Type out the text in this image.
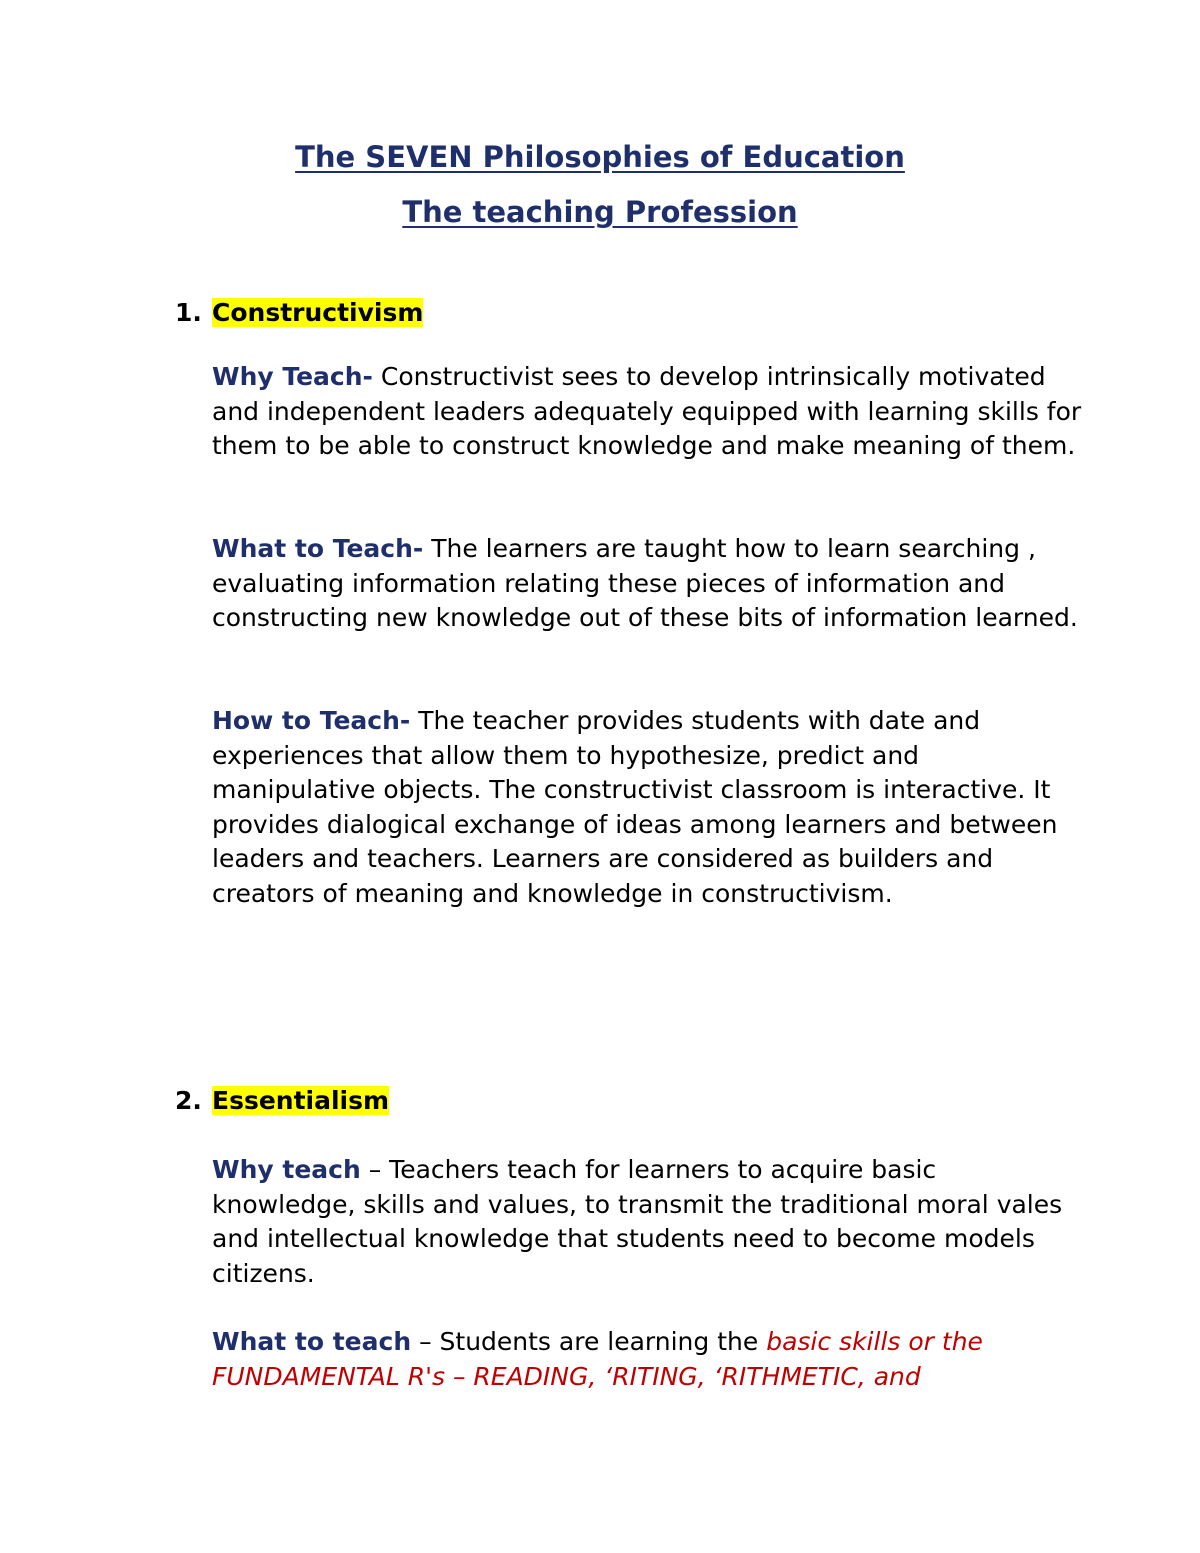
The SEVEN Philosophies of Education
The teaching Profession
1. Constructivism

Why Teach- Constructivist sees to develop intrinsically motivated and independent leaders adequately equipped with learning skills for them to be able to construct knowledge and make meaning of them.

What to Teach- The learners are taught how to learn searching , evaluating information relating these pieces of information and constructing new knowledge out of these bits of information learned.

How to Teach- The teacher provides students with date and experiences that allow them to hypothesize, predict and manipulative objects. The constructivist classroom is interactive. It provides dialogical exchange of ideas among learners and between leaders and teachers. Learners are considered as builders and creators of meaning and knowledge in constructivism.

2. Essentialism

Why teach – Teachers teach for learners to acquire basic knowledge, skills and values, to transmit the traditional moral vales and intellectual knowledge that students need to become models citizens.

What to teach – Students are learning the basic skills or the FUNDAMENTAL R's – READING, ‘RITING, ‘RITHMETIC, and
